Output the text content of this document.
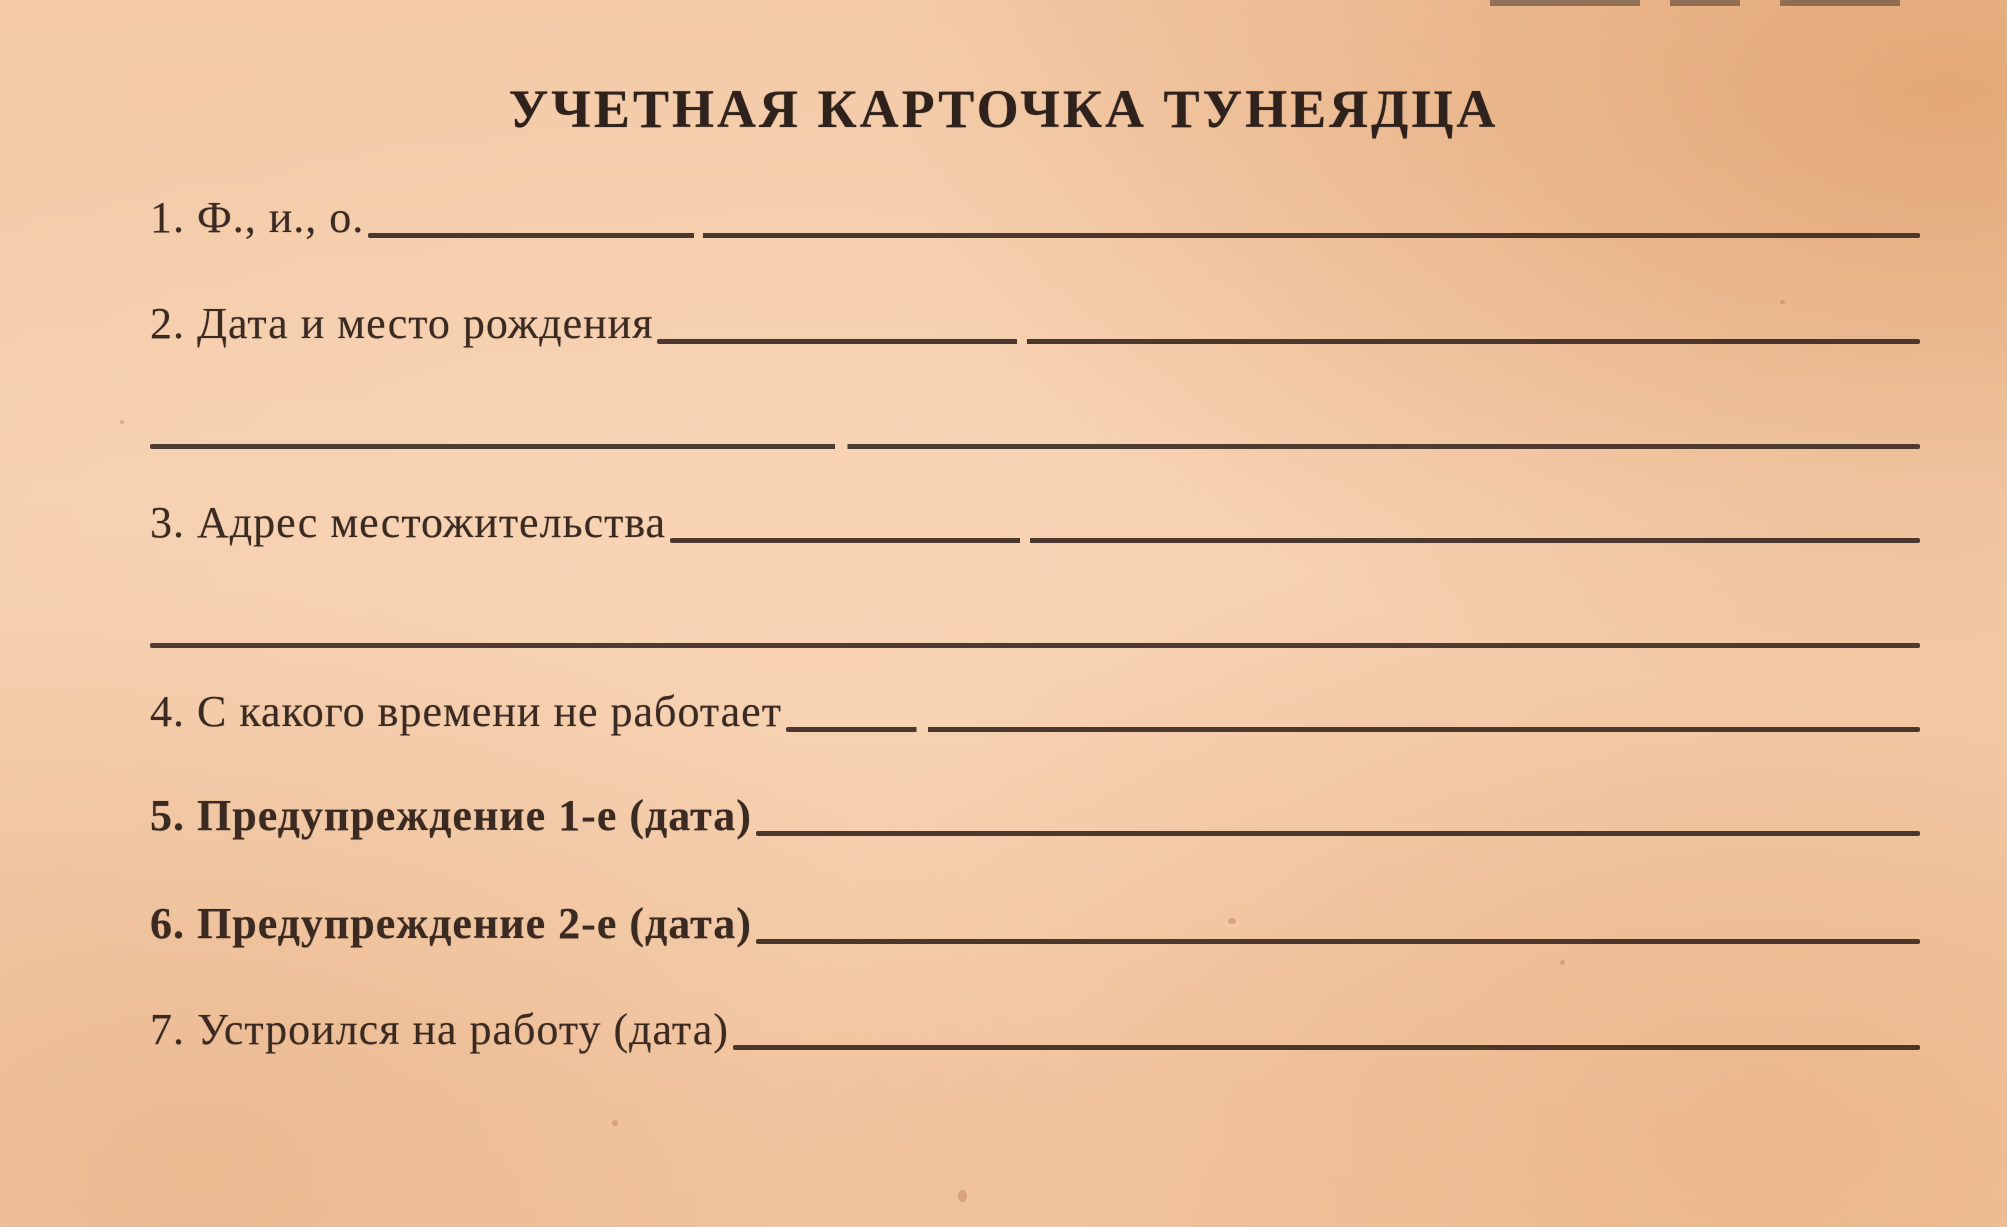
УЧЕТНАЯ КАРТОЧКА ТУНЕЯДЦА
1. Ф., и., о.
2. Дата и место рождения
3. Адрес местожительства
4. С какого времени не работает
5. Предупреждение 1-е (дата)
6. Предупреждение 2-е (дата)
7. Устроился на работу (дата)
